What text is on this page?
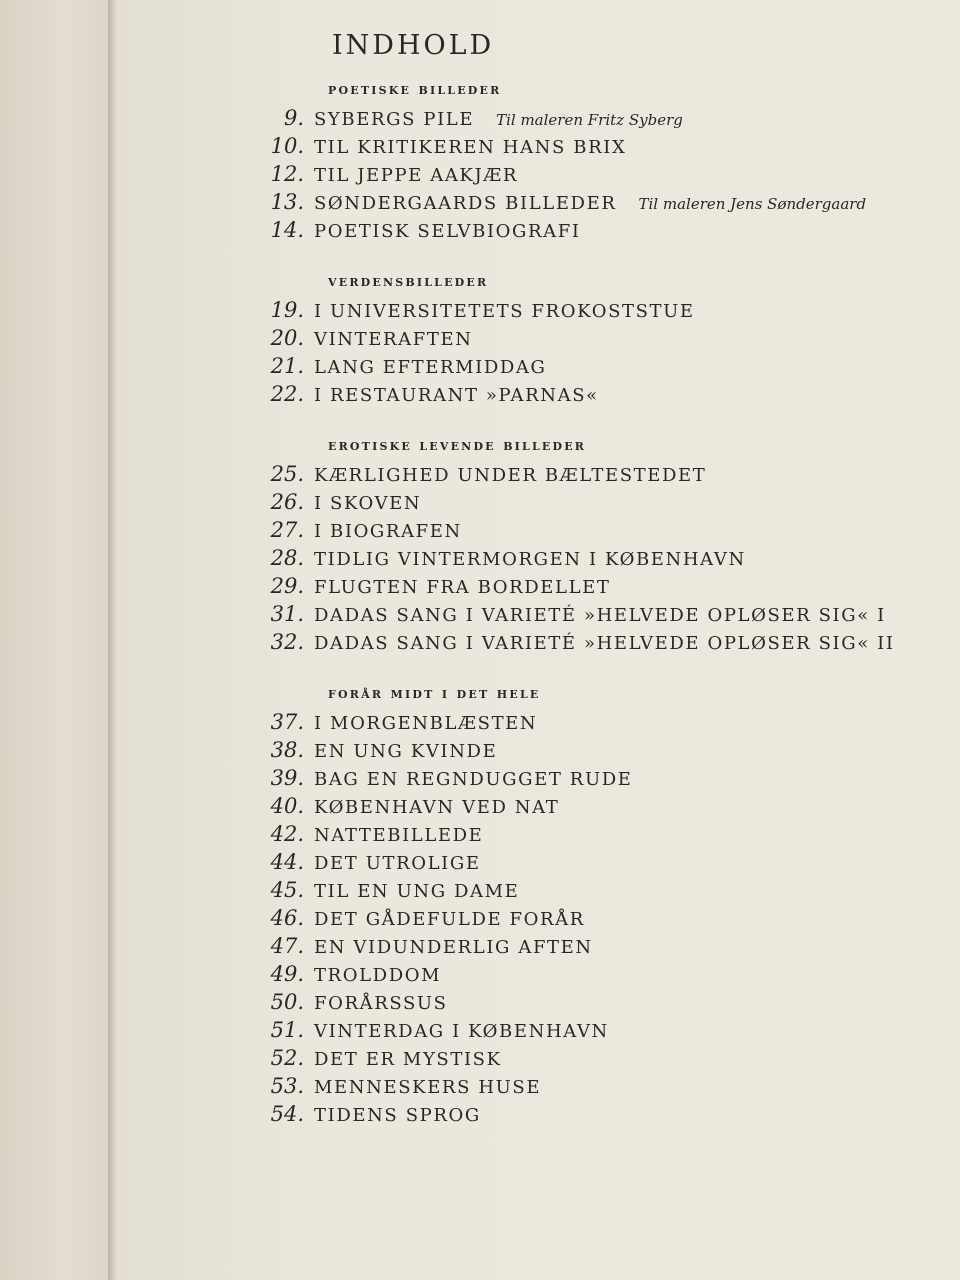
INDHOLD
poetiske billeder
9. SYBERGS PILE Til maleren Fritz Syberg
10. TIL KRITIKEREN HANS BRIX
12. TIL JEPPE AAKJÆR
13. SØNDERGAARDS BILLEDER Til maleren Jens Søndergaard
14. POETISK SELVBIOGRAFI
verdensbilleder
19. I UNIVERSITETETS FROKOSTSTUE
20. VINTERAFTEN
21. LANG EFTERMIDDAG
22. I RESTAURANT »PARNAS«
erotiske levende billeder
25. KÆRLIGHED UNDER BÆLTESTEDET
26. I SKOVEN
27. I BIOGRAFEN
28. TIDLIG VINTERMORGEN I KØBENHAVN
29. FLUGTEN FRA BORDELLET
31. DADAS SANG I VARIETÉ »HELVEDE OPLØSER SIG« I
32. DADAS SANG I VARIETÉ »HELVEDE OPLØSER SIG« II
forår midt i det hele
37. I MORGENBLÆSTEN
38. EN UNG KVINDE
39. BAG EN REGNDUGGET RUDE
40. KØBENHAVN VED NAT
42. NATTEBILLEDE
44. DET UTROLIGE
45. TIL EN UNG DAME
46. DET GÅDEFULDE FORÅR
47. EN VIDUNDERLIG AFTEN
49. TROLDDOM
50. FORÅRSSUS
51. VINTERDAG I KØBENHAVN
52. DET ER MYSTISK
53. MENNESKERS HUSE
54. TIDENS SPROG
